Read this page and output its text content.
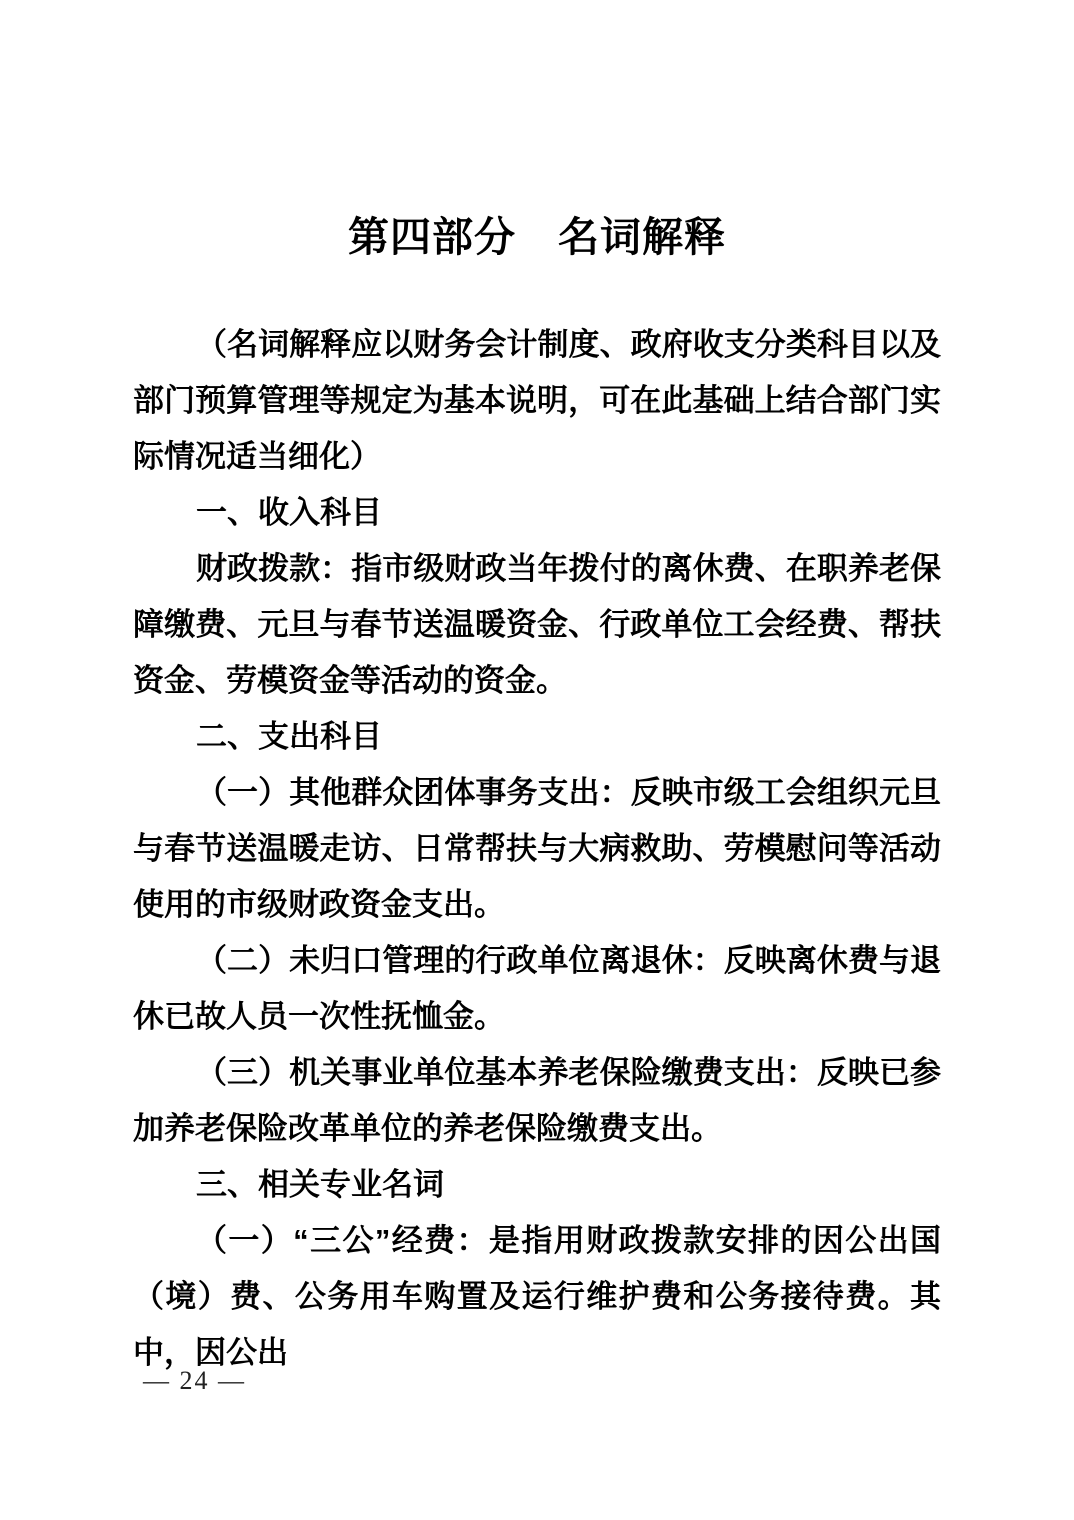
第四部分　名词解释

（名词解释应以财务会计制度、政府收支分类科目以及部门预算管理等规定为基本说明，可在此基础上结合部门实际情况适当细化）

一、收入科目

财政拨款：指市级财政当年拨付的离休费、在职养老保障缴费、元旦与春节送温暖资金、行政单位工会经费、帮扶资金、劳模资金等活动的资金。

二、支出科目

（一）其他群众团体事务支出：反映市级工会组织元旦与春节送温暖走访、日常帮扶与大病救助、劳模慰问等活动使用的市级财政资金支出。

（二）未归口管理的行政单位离退休：反映离休费与退休已故人员一次性抚恤金。

（三）机关事业单位基本养老保险缴费支出：反映已参加养老保险改革单位的养老保险缴费支出。

三、相关专业名词

（一）“三公”经费：是指用财政拨款安排的因公出国（境）费、公务用车购置及运行维护费和公务接待费。其中，因公出

— 24 —
